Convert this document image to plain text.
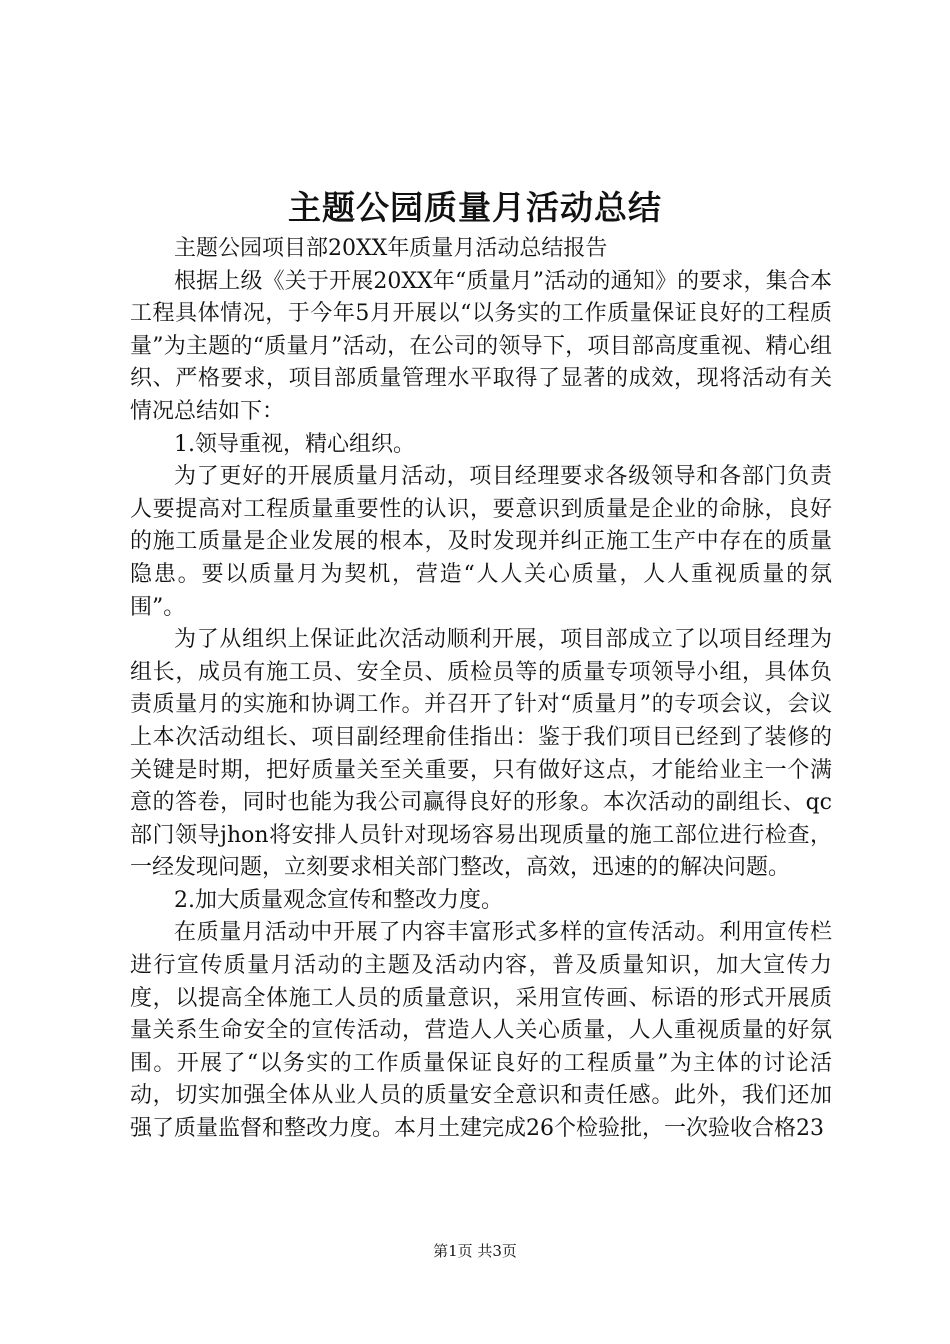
主题公园质量月活动总结

主题公园项目部20XX年质量月活动总结报告

根据上级《关于开展20XX年“质量月”活动的通知》的要求，集合本工程具体情况，于今年5月开展以“以务实的工作质量保证良好的工程质量”为主题的“质量月”活动，在公司的领导下，项目部高度重视、精心组织、严格要求，项目部质量管理水平取得了显著的成效，现将活动有关情况总结如下：

1.领导重视，精心组织。

为了更好的开展质量月活动，项目经理要求各级领导和各部门负责人要提高对工程质量重要性的认识，要意识到质量是企业的命脉，良好的施工质量是企业发展的根本，及时发现并纠正施工生产中存在的质量隐患。要以质量月为契机，营造“人人关心质量，人人重视质量的氛围”。

为了从组织上保证此次活动顺利开展，项目部成立了以项目经理为组长，成员有施工员、安全员、质检员等的质量专项领导小组，具体负责质量月的实施和协调工作。并召开了针对“质量月”的专项会议，会议上本次活动组长、项目副经理俞佳指出：鉴于我们项目已经到了装修的关键是时期，把好质量关至关重要，只有做好这点，才能给业主一个满意的答卷，同时也能为我公司赢得良好的形象。本次活动的副组长、qc部门领导jhon将安排人员针对现场容易出现质量的施工部位进行检查，一经发现问题，立刻要求相关部门整改，高效，迅速的的解决问题。

2.加大质量观念宣传和整改力度。

在质量月活动中开展了内容丰富形式多样的宣传活动。利用宣传栏进行宣传质量月活动的主题及活动内容，普及质量知识，加大宣传力度，以提高全体施工人员的质量意识，采用宣传画、标语的形式开展质量关系生命安全的宣传活动，营造人人关心质量，人人重视质量的好氛围。开展了“以务实的工作质量保证良好的工程质量”为主体的讨论活动，切实加强全体从业人员的质量安全意识和责任感。此外，我们还加强了质量监督和整改力度。本月土建完成26个检验批，一次验收合格23

第1页 共3页
